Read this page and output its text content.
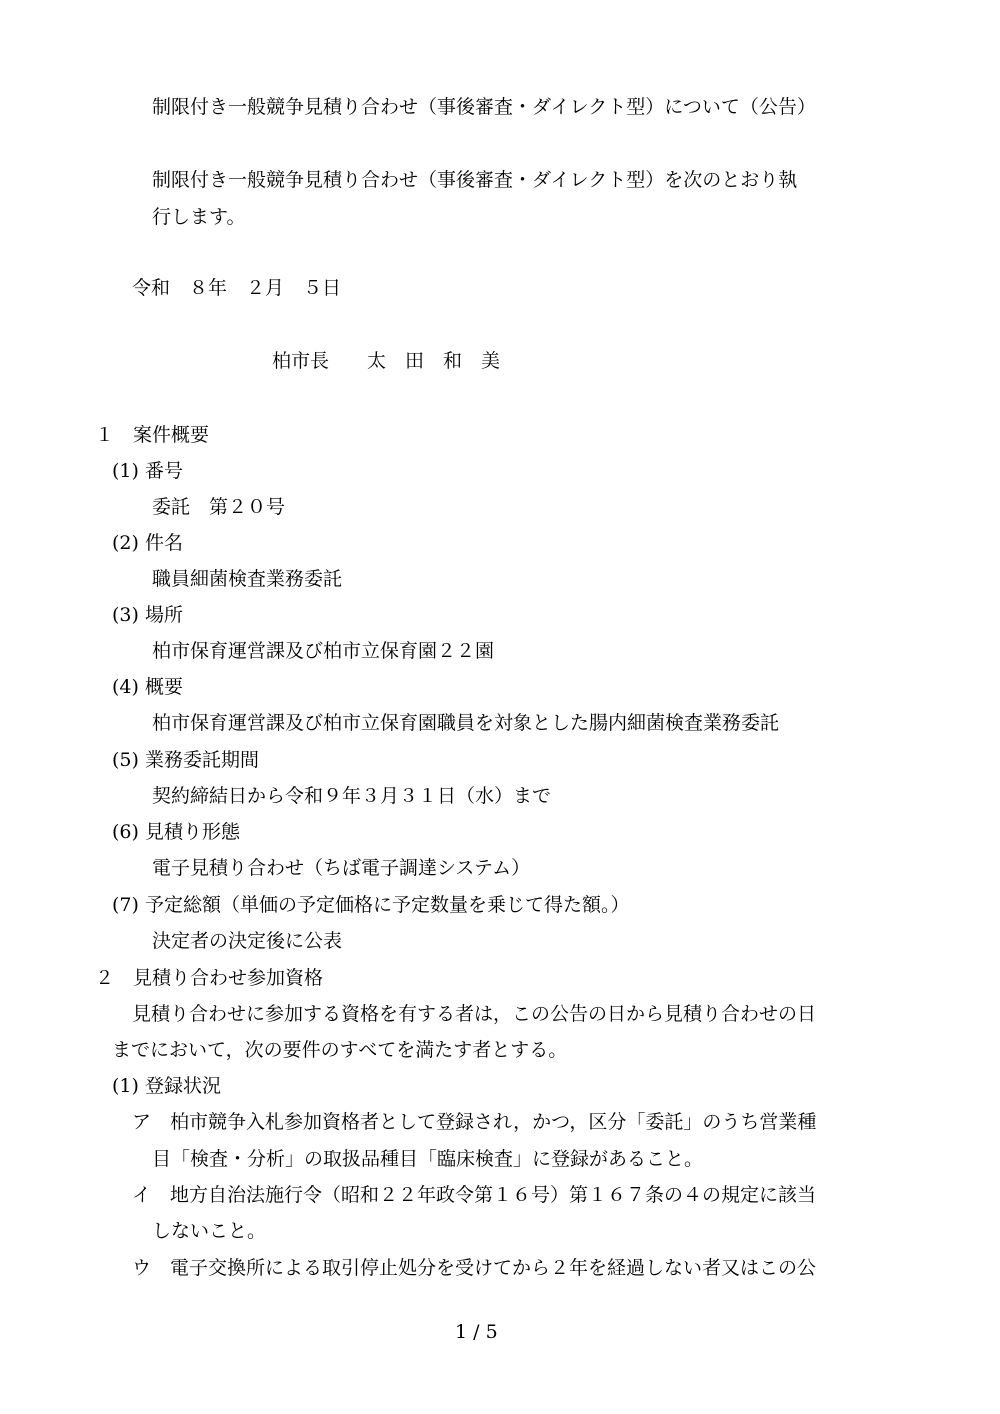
制限付き一般競争見積り合わせ（事後審査・ダイレクト型）について（公告）
制限付き一般競争見積り合わせ（事後審査・ダイレクト型）を次のとおり執
行します。
令和　８年　２月　５日
柏市長　　太　田　和　美
１　案件概要
(1) 番号
委託　第２０号
(2) 件名
職員細菌検査業務委託
(3) 場所
柏市保育運営課及び柏市立保育園２２園
(4) 概要
柏市保育運営課及び柏市立保育園職員を対象とした腸内細菌検査業務委託
(5) 業務委託期間
契約締結日から令和９年３月３１日（水）まで
(6) 見積り形態
電子見積り合わせ（ちば電子調達システム）
(7) 予定総額（単価の予定価格に予定数量を乗じて得た額。）
決定者の決定後に公表
２　見積り合わせ参加資格
見積り合わせに参加する資格を有する者は，この公告の日から見積り合わせの日
までにおいて，次の要件のすべてを満たす者とする。
(1) 登録状況
ア　柏市競争入札参加資格者として登録され，かつ，区分「委託」のうち営業種
目「検査・分析」の取扱品種目「臨床検査」に登録があること。
イ　地方自治法施行令（昭和２２年政令第１６号）第１６７条の４の規定に該当
しないこと。
ウ　電子交換所による取引停止処分を受けてから２年を経過しない者又はこの公
1 / 5
